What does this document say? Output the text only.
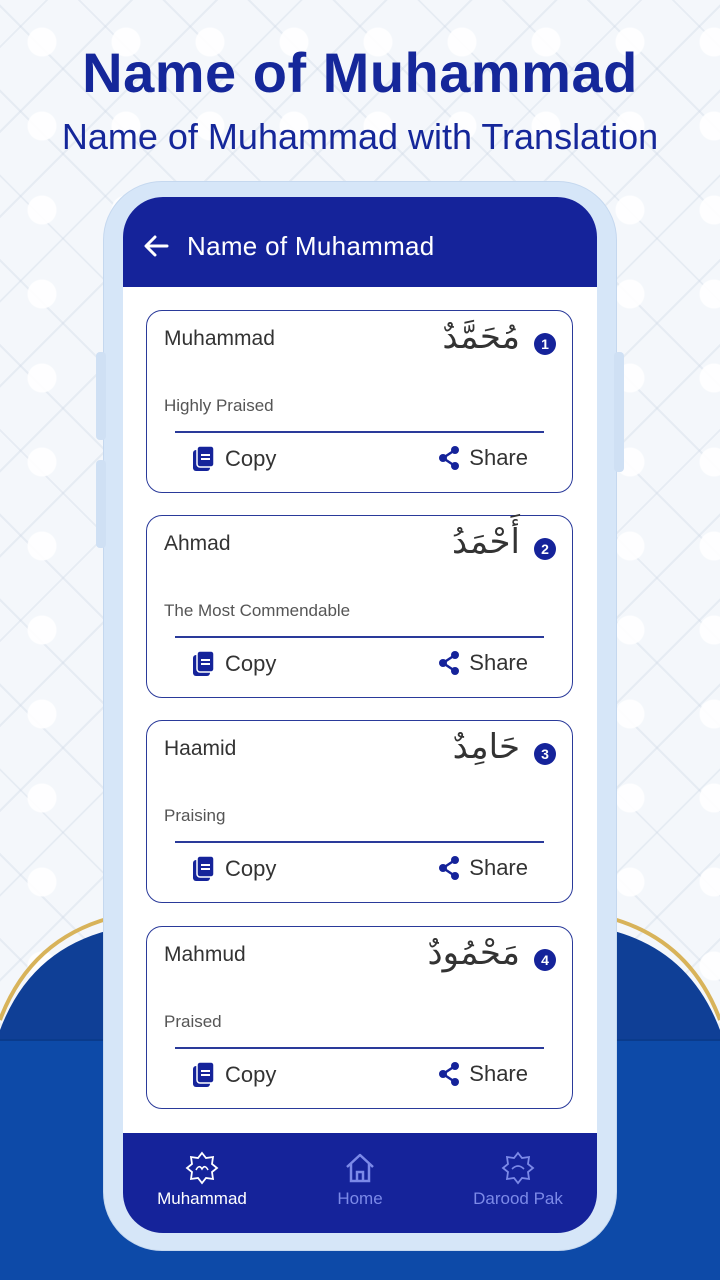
Name of Muhammad
Name of Muhammad with Translation
Name of Muhammad
Muhammad	مُحَمَّدٌ	1
Highly Praised
Copy	Share
Ahmad	أَحْمَدُ	2
The Most Commendable
Copy	Share
Haamid	حَامِدٌ	3
Praising
Copy	Share
Mahmud	مَحْمُودٌ	4
Praised
Copy	Share
Muhammad	Home	Darood Pak
